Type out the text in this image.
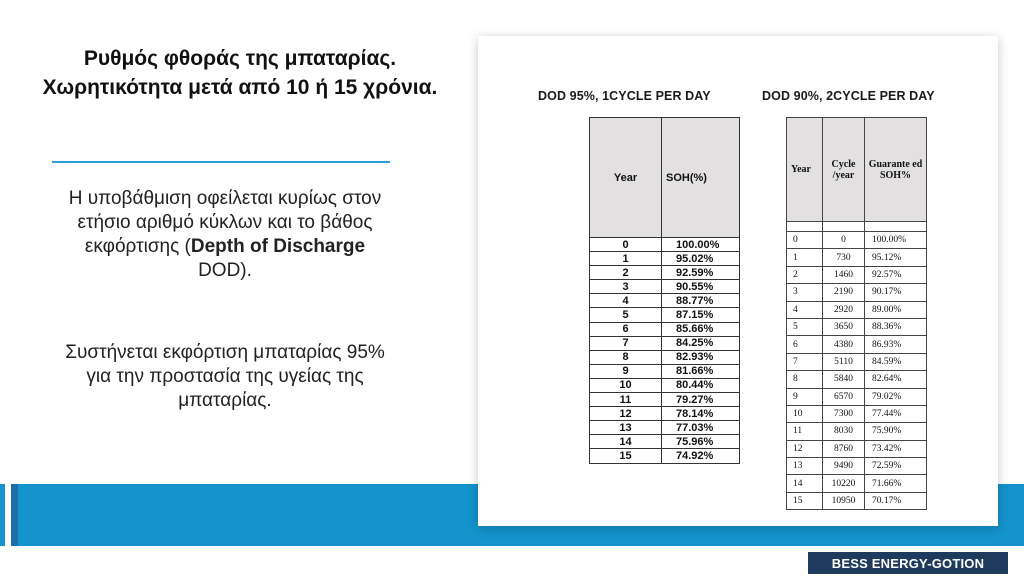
Ρυθμός φθοράς της μπαταρίας. Χωρητικότητα μετά από 10 ή 15 χρόνια.
Η υποβάθμιση οφείλεται κυρίως στον ετήσιο αριθμό κύκλων και το βάθος εκφόρτισης (Depth of Discharge DOD).
Συστήνεται εκφόρτιση μπαταρίας 95% για την προστασία της υγείας της μπαταρίας.
DOD 95%, 1CYCLE PER DAY	DOD 90%, 2CYCLE PER DAY
Year	SOH(%)
0	100.00%
1	95.02%
2	92.59%
3	90.55%
4	88.77%
5	87.15%
6	85.66%
7	84.25%
8	82.93%
9	81.66%
10	80.44%
11	79.27%
12	78.14%
13	77.03%
14	75.96%
15	74.92%
Year	Cycle /year	Guarante ed SOH%

0	0	100.00%
1	730	95.12%
2	1460	92.57%
3	2190	90.17%
4	2920	89.00%
5	3650	88.36%
6	4380	86.93%
7	5110	84.59%
8	5840	82.64%
9	6570	79.02%
10	7300	77.44%
11	8030	75.90%
12	8760	73.42%
13	9490	72.59%
14	10220	71.66%
15	10950	70.17%
BESS ENERGY-GOTION
